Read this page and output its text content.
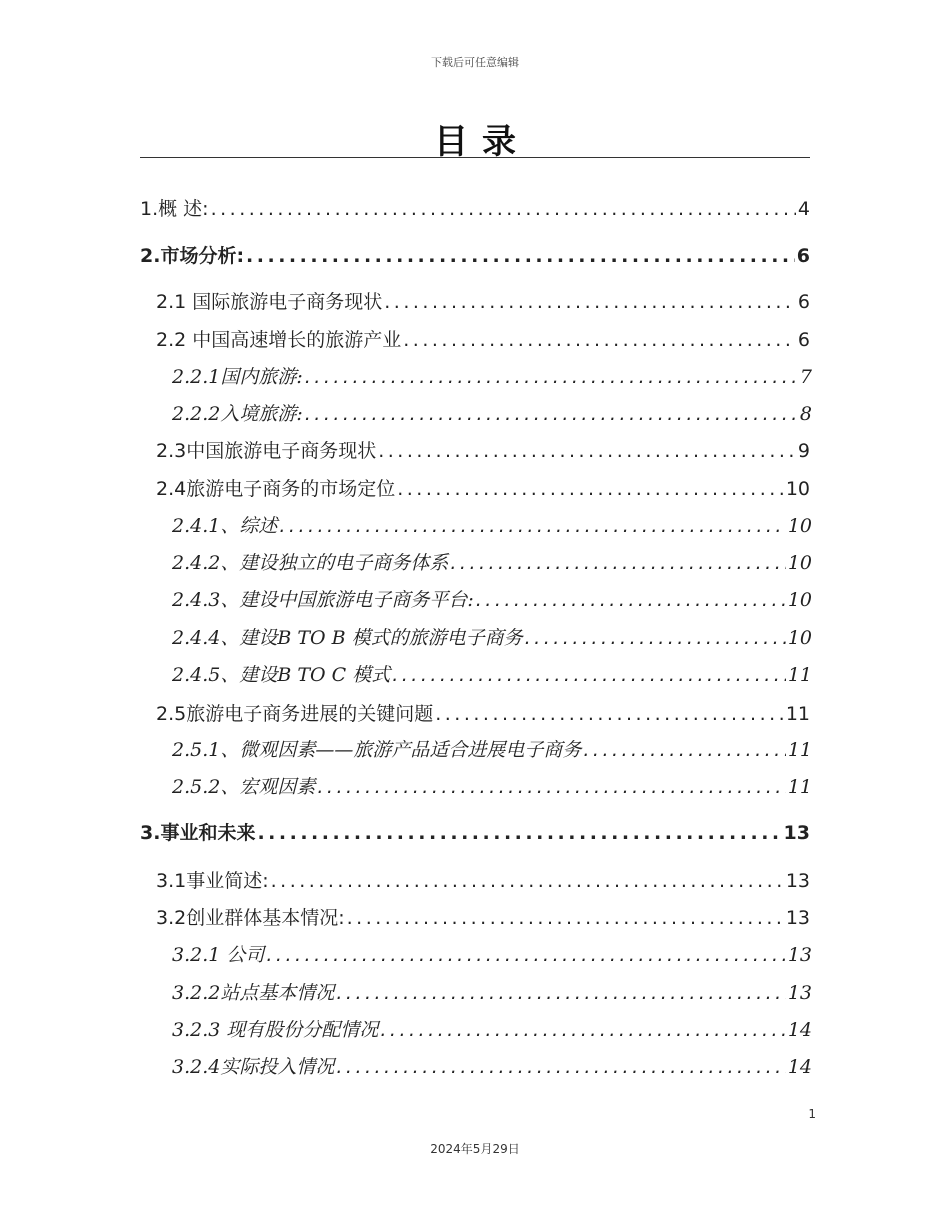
下载后可任意编辑
目录
1.概 述: .....	4
2.市场分析: .....	6
2.1 国际旅游电子商务现状 .....	6
2.2 中国高速增长的旅游产业 .....	6
2.2.1国内旅游: .....	7
2.2.2入境旅游: .....	8
2.3中国旅游电子商务现状 .....	9
2.4旅游电子商务的市场定位 .....	10
2.4.1、综述 .....	10
2.4.2、建设独立的电子商务体系 .....	10
2.4.3、建设中国旅游电子商务平台: .....	10
2.4.4、建设B TO B 模式的旅游电子商务 .....	10
2.4.5、建设B TO C 模式 .....	11
2.5旅游电子商务进展的关键问题 .....	11
2.5.1、微观因素——旅游产品适合进展电子商务 .....	11
2.5.2、宏观因素 .....	11
3.事业和未来 .....	13
3.1事业简述: .....	13
3.2创业群体基本情况: .....	13
3.2.1 公司 .....	13
3.2.2站点基本情况 .....	13
3.2.3 现有股份分配情况 .....	14
3.2.4实际投入情况 .....	14
1
2024年5月29日
